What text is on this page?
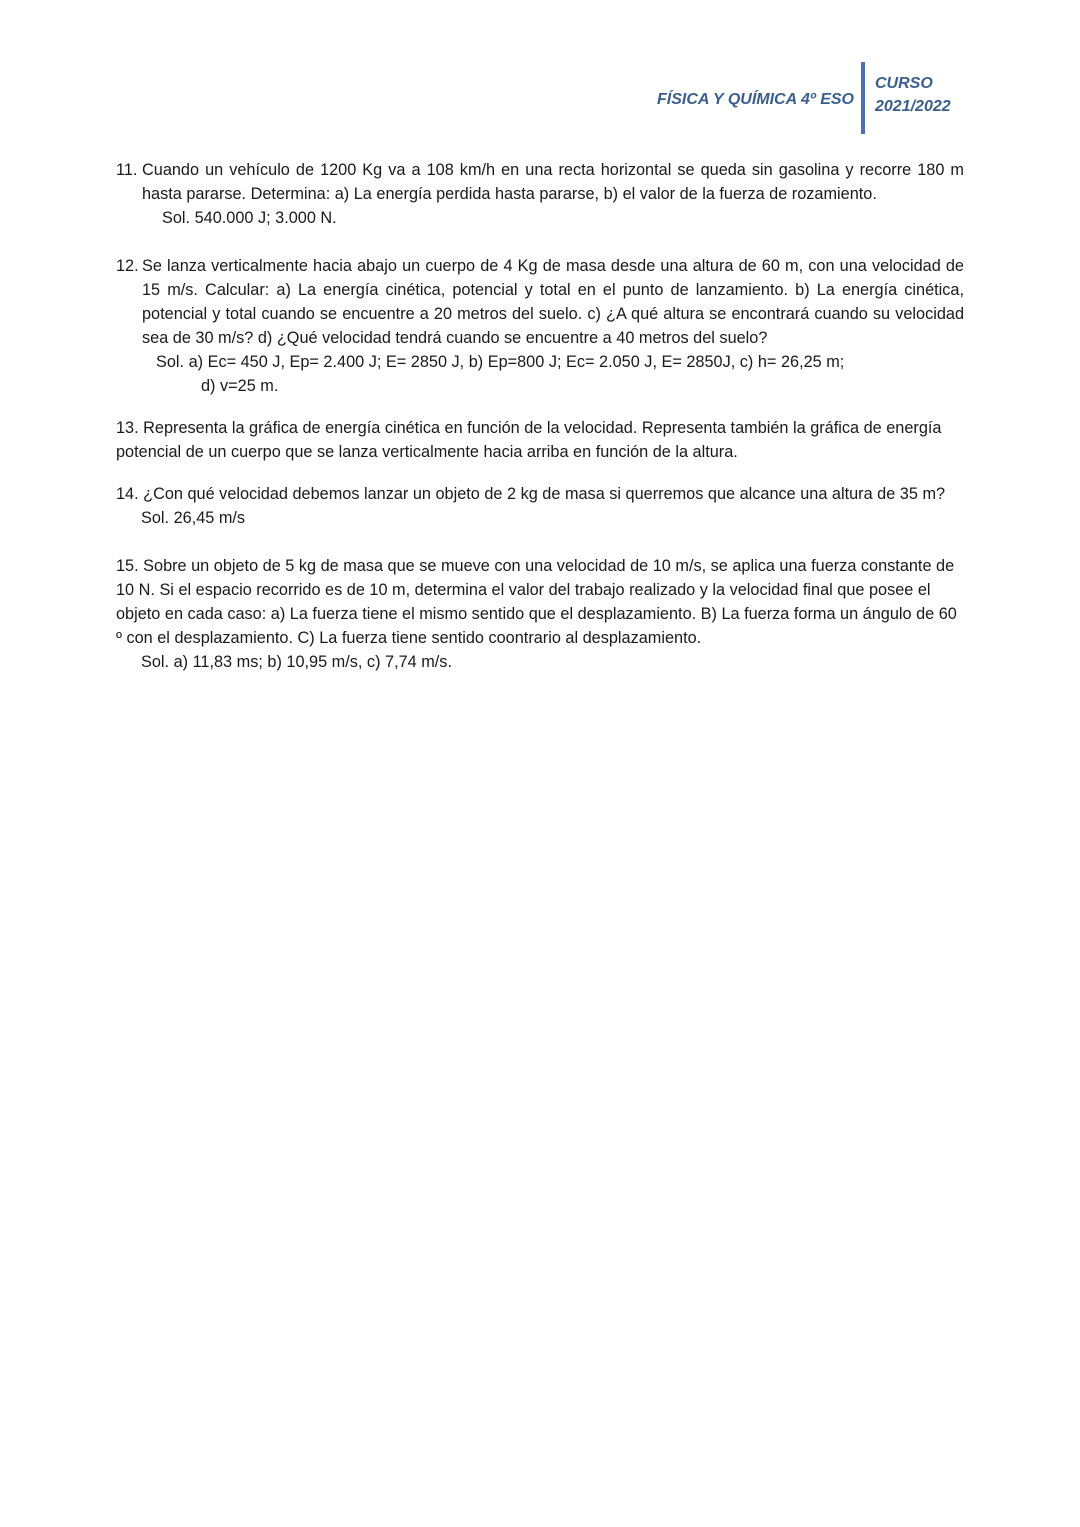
FÍSICA Y QUÍMICA 4º ESO
CURSO
2021/2022
11. Cuando un vehículo de 1200 Kg va a 108 km/h en una recta horizontal se queda sin gasolina y recorre 180 m hasta pararse. Determina: a) La energía perdida hasta pararse, b) el valor de la fuerza de rozamiento.

Sol. 540.000 J; 3.000 N.

12. Se lanza verticalmente hacia abajo un cuerpo de 4 Kg de masa desde una altura de 60 m, con una velocidad de 15 m/s. Calcular: a) La energía cinética, potencial y total en el punto de lanzamiento. b) La energía cinética, potencial y total cuando se encuentre a 20 metros del suelo. c) ¿A qué altura se encontrará cuando su velocidad sea de 30 m/s? d) ¿Qué velocidad tendrá cuando se encuentre a 40 metros del suelo?

Sol. a) Ec= 450 J, Ep= 2.400 J; E= 2850 J, b) Ep=800 J; Ec= 2.050 J, E= 2850J, c) h= 26,25 m;

d) v=25 m.

13. Representa la gráfica de energía cinética en función de la velocidad. Representa también la gráfica de energía potencial de un cuerpo que se lanza verticalmente hacia arriba en función de la altura.

14. ¿Con qué velocidad debemos lanzar un objeto de 2 kg de masa si querremos que alcance una altura de 35 m?

Sol. 26,45 m/s

15. Sobre un objeto de 5 kg de masa que se mueve con una velocidad de 10 m/s, se aplica una fuerza constante de 10 N. Si el espacio recorrido es de 10 m, determina el valor del trabajo realizado y la velocidad final que posee el objeto en cada caso: a) La fuerza tiene el mismo sentido que el desplazamiento. B) La fuerza forma un ángulo de 60 º con el desplazamiento. C) La fuerza tiene sentido coontrario al desplazamiento.

Sol. a) 11,83 ms; b) 10,95 m/s, c) 7,74 m/s.
